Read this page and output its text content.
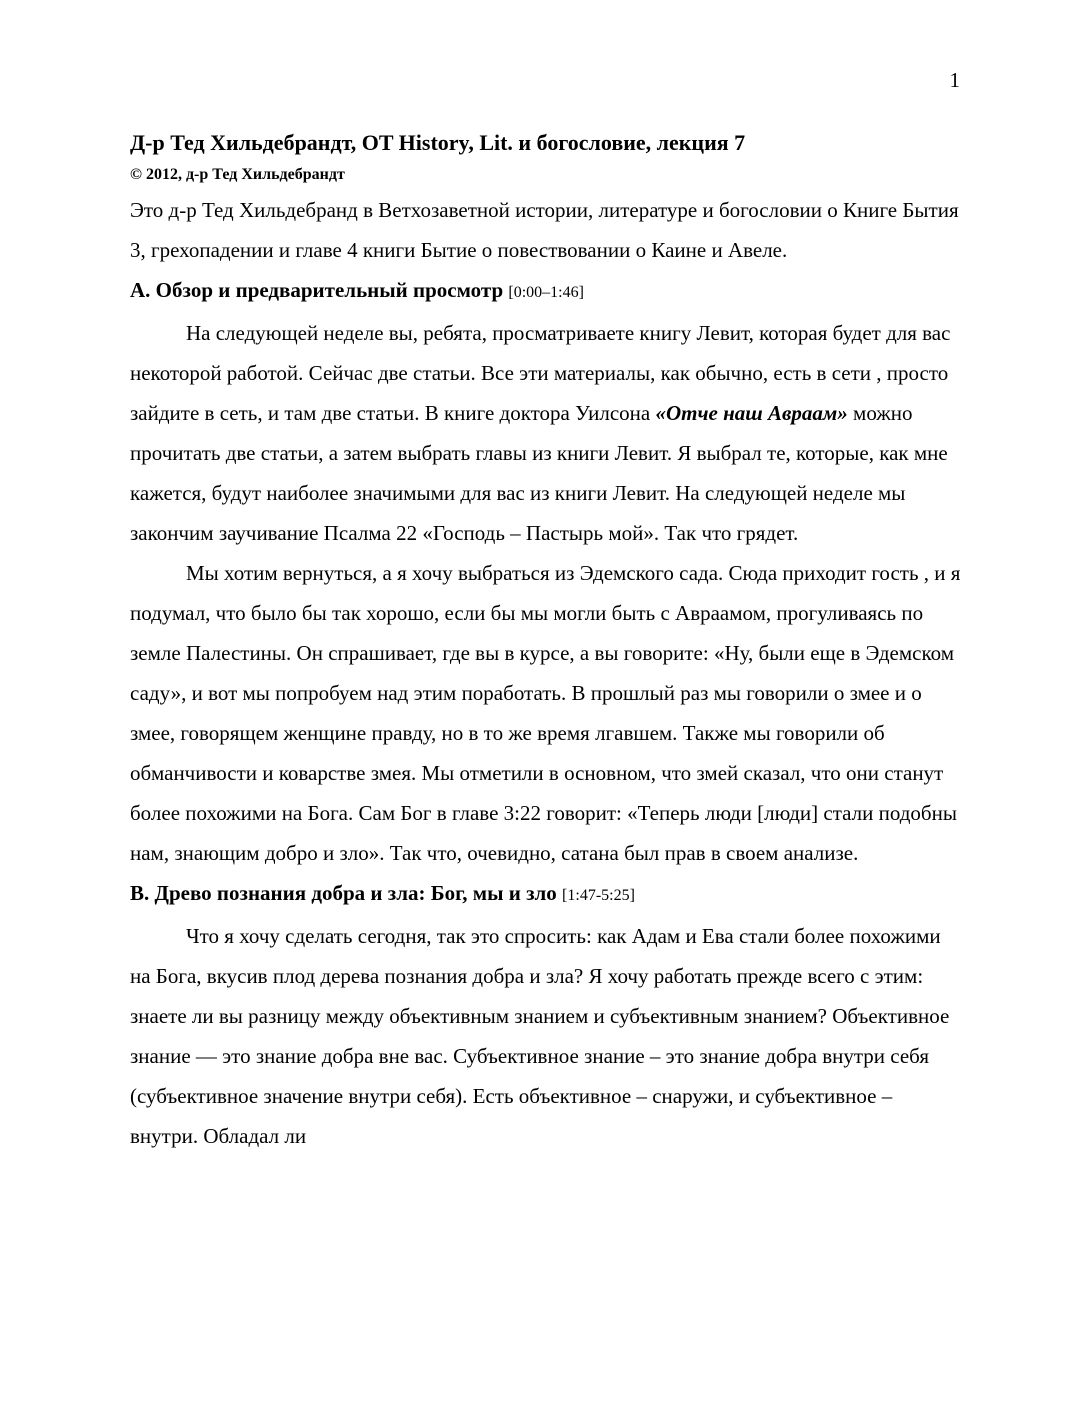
1
Д-р Тед Хильдебрандт, OT History, Lit. и богословие, лекция 7

© 2012, д-р Тед Хильдебрандт

Это д-р Тед Хильдебранд в Ветхозаветной истории, литературе и богословии о Книге Бытия 3, грехопадении и главе 4 книги Бытие о повествовании о Каине и Авеле.

A. Обзор и предварительный просмотр [0:00–1:46]

На следующей неделе вы, ребята, просматриваете книгу Левит, которая будет для вас некоторой работой. Сейчас две статьи. Все эти материалы, как обычно, есть в сети , просто зайдите в сеть, и там две статьи. В книге доктора Уилсона «Отче наш Авраам» можно прочитать две статьи, а затем выбрать главы из книги Левит. Я выбрал те, которые, как мне кажется, будут наиболее значимыми для вас из книги Левит. На следующей неделе мы закончим заучивание Псалма 22 «Господь – Пастырь мой». Так что грядет.

Мы хотим вернуться, а я хочу выбраться из Эдемского сада. Сюда приходит гость , и я подумал, что было бы так хорошо, если бы мы могли быть с Авраамом, прогуливаясь по земле Палестины. Он спрашивает, где вы в курсе, а вы говорите: «Ну, были еще в Эдемском саду», и вот мы попробуем над этим поработать. В прошлый раз мы говорили о змее и о змее, говорящем женщине правду, но в то же время лгавшем. Также мы говорили об обманчивости и коварстве змея. Мы отметили в основном, что змей сказал, что они станут более похожими на Бога. Сам Бог в главе 3:22 говорит: «Теперь люди [люди] стали подобны нам, знающим добро и зло». Так что, очевидно, сатана был прав в своем анализе.

B. Древо познания добра и зла: Бог, мы и зло [1:47-5:25]

Что я хочу сделать сегодня, так это спросить: как Адам и Ева стали более похожими на Бога, вкусив плод дерева познания добра и зла? Я хочу работать прежде всего с этим: знаете ли вы разницу между объективным знанием и субъективным знанием? Объективное знание — это знание добра вне вас. Субъективное знание – это знание добра внутри себя (субъективное значение внутри себя). Есть объективное – снаружи, и субъективное – внутри. Обладал ли
